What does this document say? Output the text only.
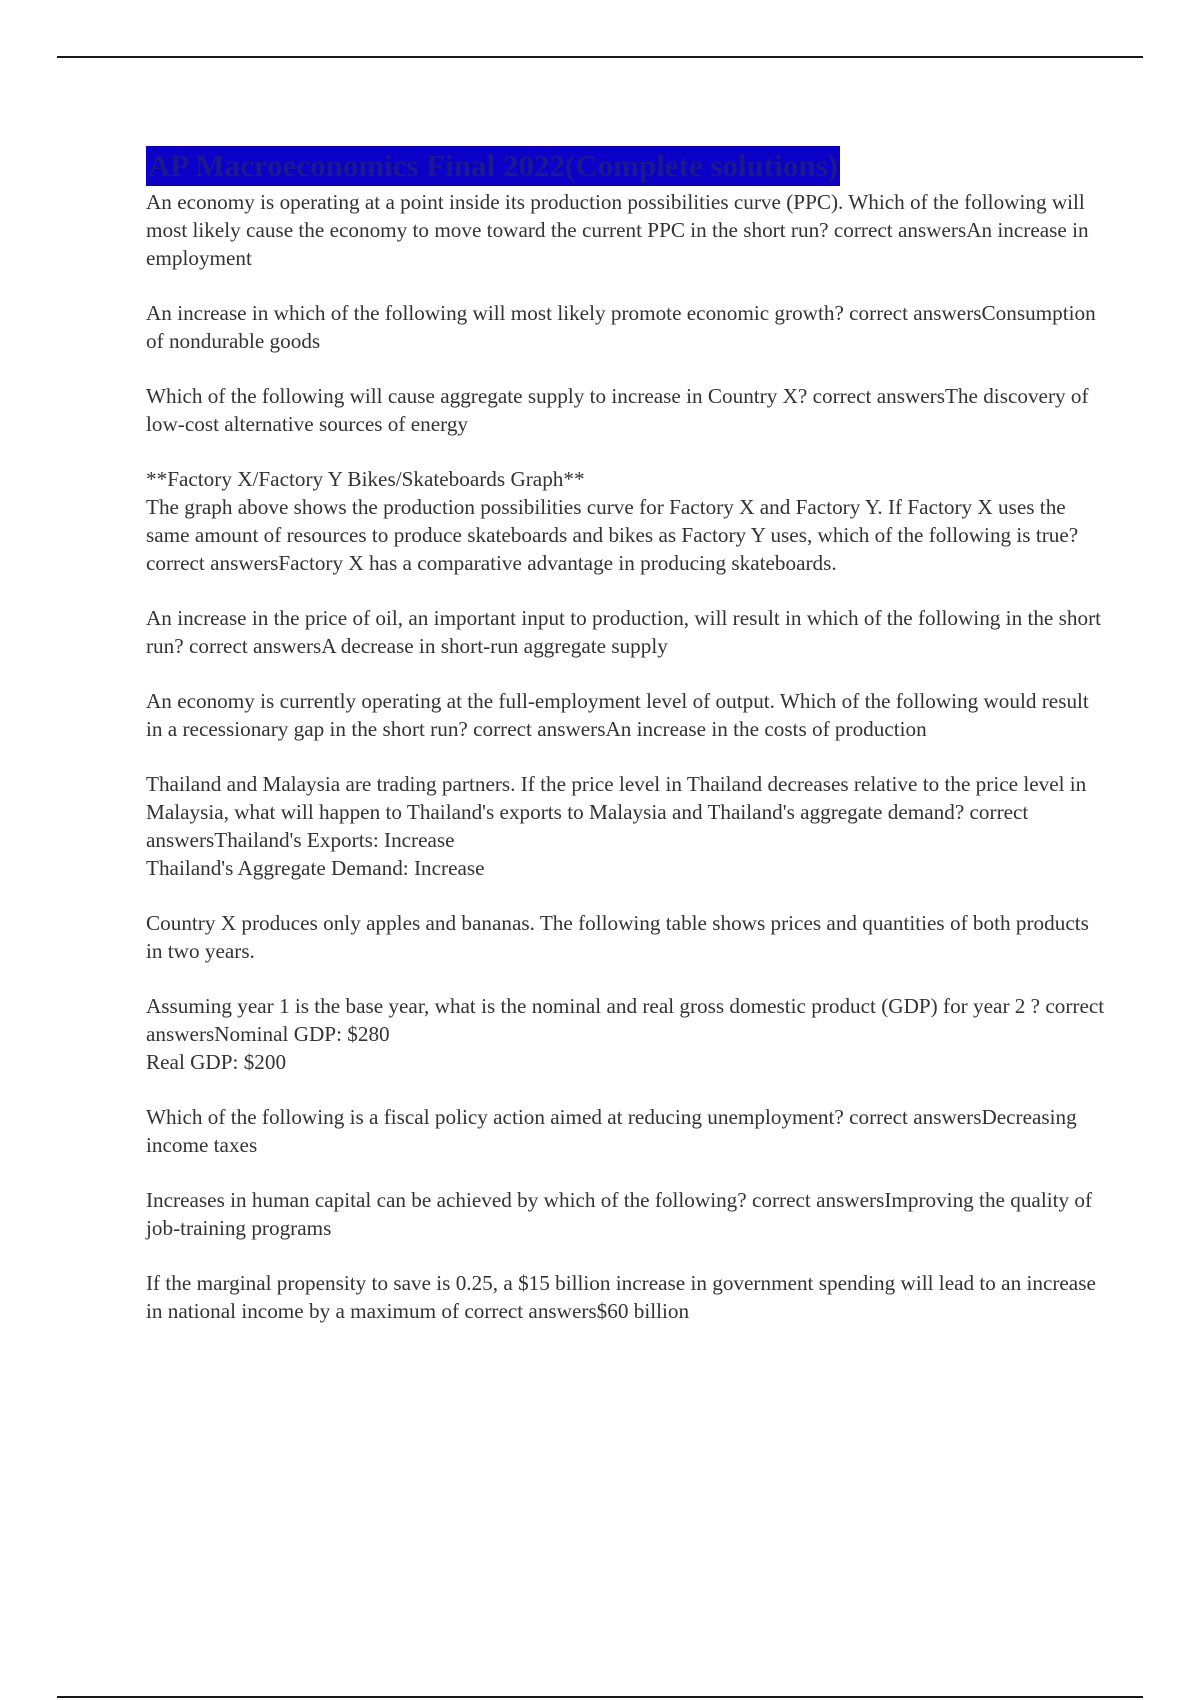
AP Macroeconomics Final 2022(Complete solutions)

An economy is operating at a point inside its production possibilities curve (PPC). Which of the following will most likely cause the economy to move toward the current PPC in the short run? correct answersAn increase in employment

An increase in which of the following will most likely promote economic growth? correct answersConsumption of nondurable goods

Which of the following will cause aggregate supply to increase in Country X? correct answersThe discovery of low-cost alternative sources of energy

**Factory X/Factory Y Bikes/Skateboards Graph**
The graph above shows the production possibilities curve for Factory X and Factory Y. If Factory X uses the same amount of resources to produce skateboards and bikes as Factory Y uses, which of the following is true? correct answersFactory X has a comparative advantage in producing skateboards.

An increase in the price of oil, an important input to production, will result in which of the following in the short run? correct answersA decrease in short-run aggregate supply

An economy is currently operating at the full-employment level of output. Which of the following would result in a recessionary gap in the short run? correct answersAn increase in the costs of production

Thailand and Malaysia are trading partners. If the price level in Thailand decreases relative to the price level in Malaysia, what will happen to Thailand's exports to Malaysia and Thailand's aggregate demand? correct answersThailand's Exports: Increase
Thailand's Aggregate Demand: Increase

Country X produces only apples and bananas. The following table shows prices and quantities of both products in two years.

Assuming year 1 is the base year, what is the nominal and real gross domestic product (GDP) for year 2 ? correct answersNominal GDP: $280
Real GDP: $200

Which of the following is a fiscal policy action aimed at reducing unemployment? correct answersDecreasing income taxes

Increases in human capital can be achieved by which of the following? correct answersImproving the quality of job-training programs

If the marginal propensity to save is 0.25, a $15 billion increase in government spending will lead to an increase in national income by a maximum of correct answers$60 billion
